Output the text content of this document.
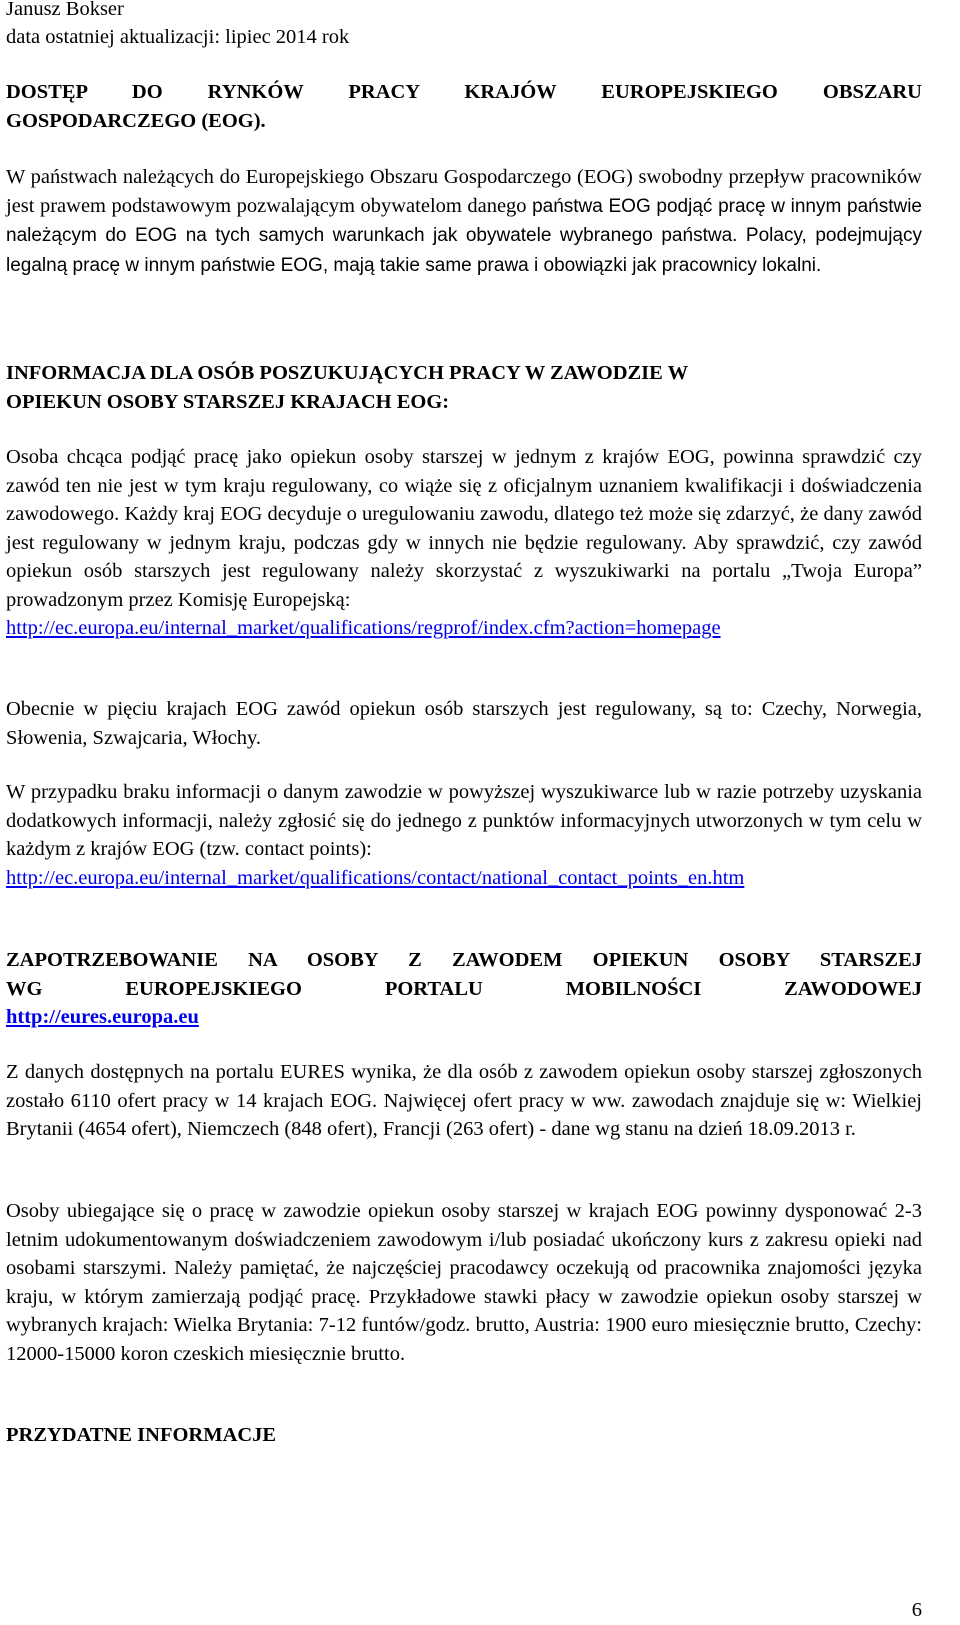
Janusz Bokser
data ostatniej aktualizacji: lipiec 2014 rok
DOSTĘP DO RYNKÓW PRACY KRAJÓW EUROPEJSKIEGO OBSZARU
GOSPODARCZEGO (EOG).
W państwach należących do Europejskiego Obszaru Gospodarczego (EOG) swobodny przepływ pracowników jest prawem podstawowym pozwalającym obywatelom danego państwa EOG podjąć pracę w innym państwie należącym do EOG na tych samych warunkach jak obywatele wybranego państwa. Polacy, podejmujący legalną pracę w innym państwie EOG, mają takie same prawa i obowiązki jak pracownicy lokalni.
INFORMACJA DLA OSÓB POSZUKUJĄCYCH PRACY W ZAWODZIE W
OPIEKUN OSOBY STARSZEJ KRAJACH EOG:
Osoba chcąca podjąć pracę jako opiekun osoby starszej w jednym z krajów EOG, powinna sprawdzić czy zawód ten nie jest w tym kraju regulowany, co wiąże się z oficjalnym uznaniem kwalifikacji i doświadczenia zawodowego. Każdy kraj EOG decyduje o uregulowaniu zawodu, dlatego też może się zdarzyć, że dany zawód jest regulowany w jednym kraju, podczas gdy w innych nie będzie regulowany. Aby sprawdzić, czy zawód opiekun osób starszych jest regulowany należy skorzystać z wyszukiwarki na portalu „Twoja Europa” prowadzonym przez Komisję Europejską:
http://ec.europa.eu/internal_market/qualifications/regprof/index.cfm?action=homepage
Obecnie w pięciu krajach EOG zawód opiekun osób starszych jest regulowany, są to: Czechy, Norwegia, Słowenia, Szwajcaria, Włochy.
W przypadku braku informacji o danym zawodzie w powyższej wyszukiwarce lub w razie potrzeby uzyskania dodatkowych informacji, należy zgłosić się do jednego z punktów informacyjnych utworzonych w tym celu w każdym z krajów EOG (tzw. contact points):
http://ec.europa.eu/internal_market/qualifications/contact/national_contact_points_en.htm
ZAPOTRZEBOWANIE NA OSOBY Z ZAWODEM OPIEKUN OSOBY STARSZEJ
WG EUROPEJSKIEGO PORTALU MOBILNOŚCI ZAWODOWEJ
http://eures.europa.eu
Z danych dostępnych na portalu EURES wynika, że dla osób z zawodem opiekun osoby starszej zgłoszonych zostało 6110 ofert pracy w 14 krajach EOG. Najwięcej ofert pracy w ww. zawodach znajduje się w: Wielkiej Brytanii (4654 ofert), Niemczech (848 ofert), Francji (263 ofert) - dane wg stanu na dzień 18.09.2013 r.
Osoby ubiegające się o pracę w zawodzie opiekun osoby starszej w krajach EOG powinny dysponować 2-3 letnim udokumentowanym doświadczeniem zawodowym i/lub posiadać ukończony kurs z zakresu opieki nad osobami starszymi. Należy pamiętać, że najczęściej pracodawcy oczekują od pracownika znajomości języka kraju, w którym zamierzają podjąć pracę. Przykładowe stawki płacy w zawodzie opiekun osoby starszej w wybranych krajach: Wielka Brytania: 7-12 funtów/godz. brutto, Austria: 1900 euro miesięcznie brutto, Czechy: 12000-15000 koron czeskich miesięcznie brutto.
PRZYDATNE INFORMACJE
6
